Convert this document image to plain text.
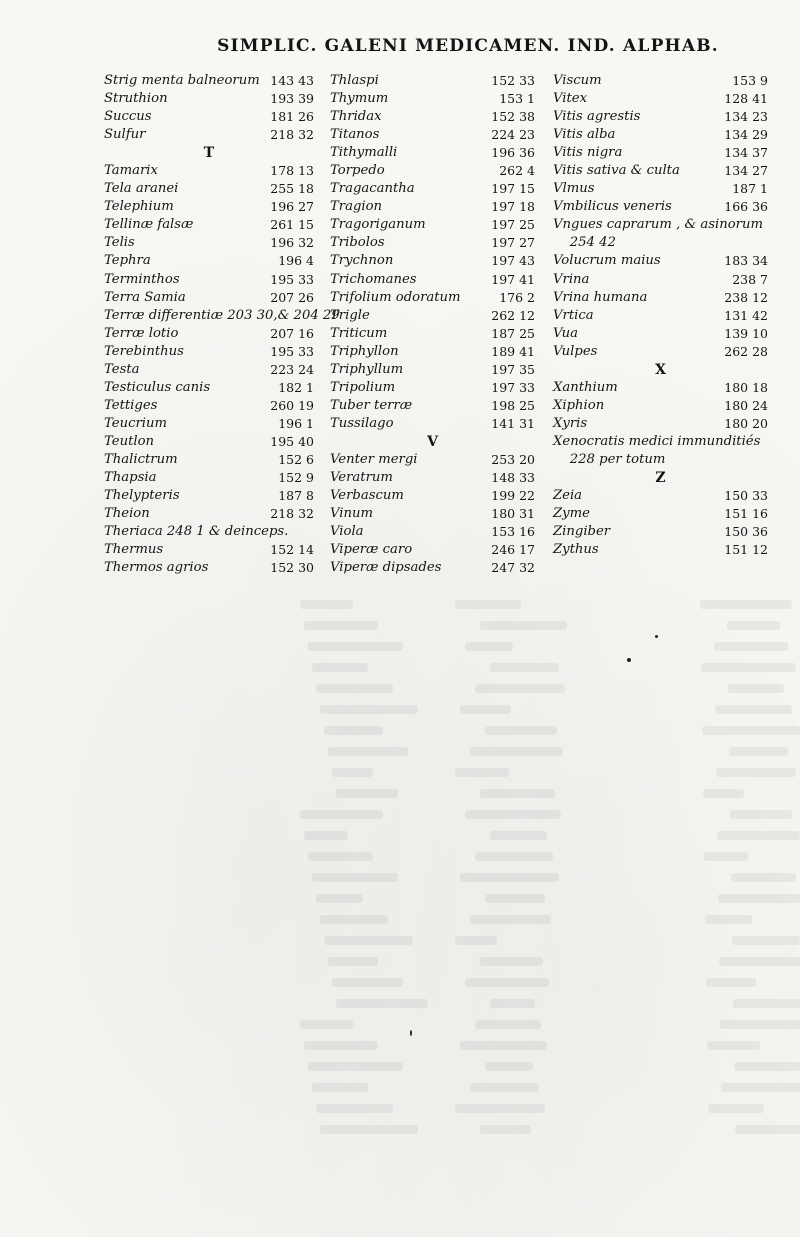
SIMPLIC. GALENI MEDICAMEN. IND. ALPHAB.
Strig menta balneorum 143 43
Struthion	193 39
Succus	181 26
Sulfur	218 32
T
Tamarix	178 13
Tela aranei	255 18
Telephium	196 27
Tellinæ falsæ	261 15
Telis	196 32
Tephra	196 4
Terminthos	195 33
Terra Samia	207 26
Terræ differentiæ 203 30,& 204 29
Terræ lotio	207 16
Terebinthus	195 33
Testa	223 24
Testiculus canis	182 1
Tettiges	260 19
Teucrium	196 1
Teutlon	195 40
Thalictrum	152 6
Thapsia	152 9
Thelypteris	187 8
Theion	218 32
Theriaca 248 1 & deinceps.
Thermus	152 14
Thermos agrios	152 30
Thlaspi	152 33
Thymum	153 1
Thridax	152 38
Titanos	224 23
Tithymalli	196 36
Torpedo	262 4
Tragacantha	197 15
Tragion	197 18
Tragoriganum	197 25
Tribolos	197 27
Trychnon	197 43
Trichomanes	197 41
Trifolium odoratum	176 2
Trigle	262 12
Triticum	187 25
Triphyllon	189 41
Triphyllum	197 35
Tripolium	197 33
Tuber terræ	198 25
Tussilago	141 31
V
Venter mergi	253 20
Veratrum	148 33
Verbascum	199 22
Vinum	180 31
Viola	153 16
Viperæ caro	246 17
Viperæ dipsades	247 32
Viscum	153 9
Vitex	128 41
Vitis agrestis	134 23
Vitis alba	134 29
Vitis nigra	134 37
Vitis sativa & culta	134 27
Vlmus	187 1
Vmbilicus veneris	166 36
Vngues caprarum , & asinorum
254 42
Volucrum maius	183 34
Vrina	238 7
Vrina humana	238 12
Vrtica	131 42
Vua	139 10
Vulpes	262 28
X
Xanthium	180 18
Xiphion	180 24
Xyris	180 20
Xenocratis medici immunditiés
228 per totum
Z
Zeia	150 33
Zyme	151 16
Zingiber	150 36
Zythus	151 12
